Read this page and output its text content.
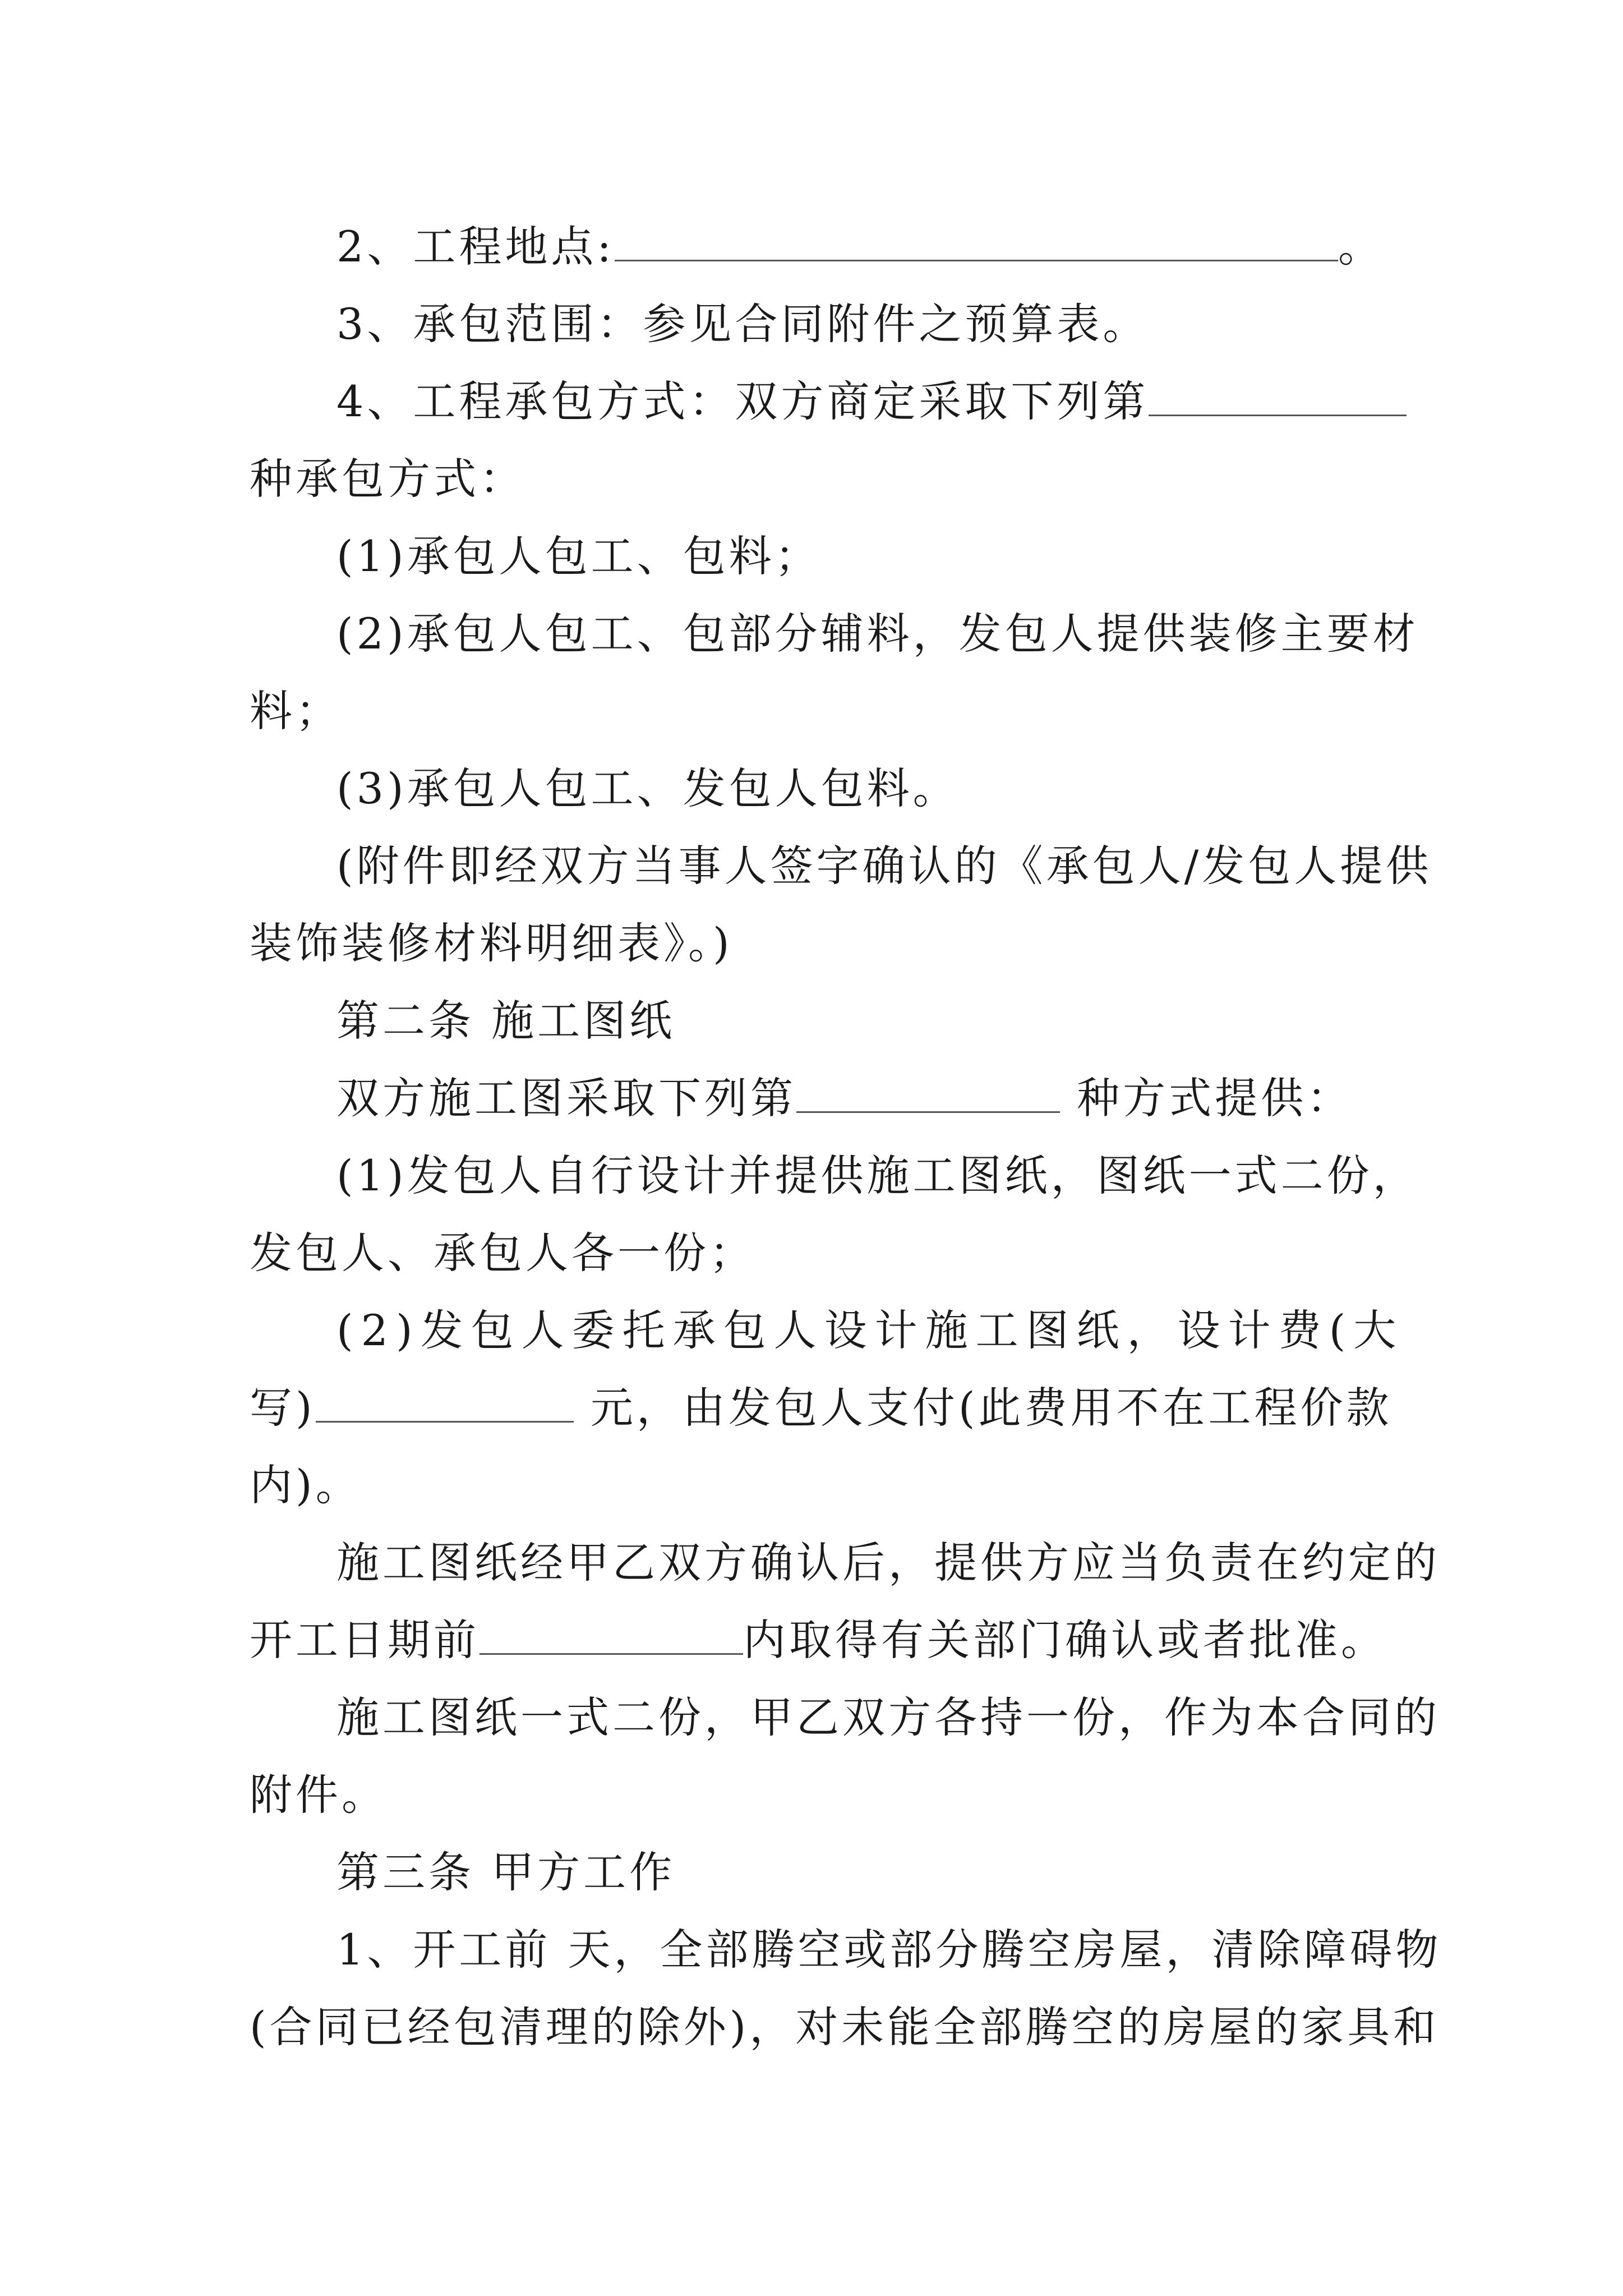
2、工程地点:	。
3、承包范围：参见合同附件之预算表。
4、工程承包方式：双方商定采取下列第
种承包方式：
(1)承包人包工、包料；
(2)承包人包工、包部分辅料，发包人提供装修主要材
料；
(3)承包人包工、发包人包料。
(附件即经双方当事人签字确认的《承包人/发包人提供
装饰装修材料明细表》。)
第二条 施工图纸
双方施工图采取下列第	种方式提供：
(1)发包人自行设计并提供施工图纸，图纸一式二份，
发包人、承包人各一份；
(2)发包人委托承包人设计施工图纸，设计费(大
写)	元，由发包人支付(此费用不在工程价款
内)。
施工图纸经甲乙双方确认后，提供方应当负责在约定的
开工日期前	内取得有关部门确认或者批准。
施工图纸一式二份，甲乙双方各持一份，作为本合同的
附件。
第三条 甲方工作
1、开工前 天，全部腾空或部分腾空房屋，清除障碍物
(合同已经包清理的除外)，对未能全部腾空的房屋的家具和
